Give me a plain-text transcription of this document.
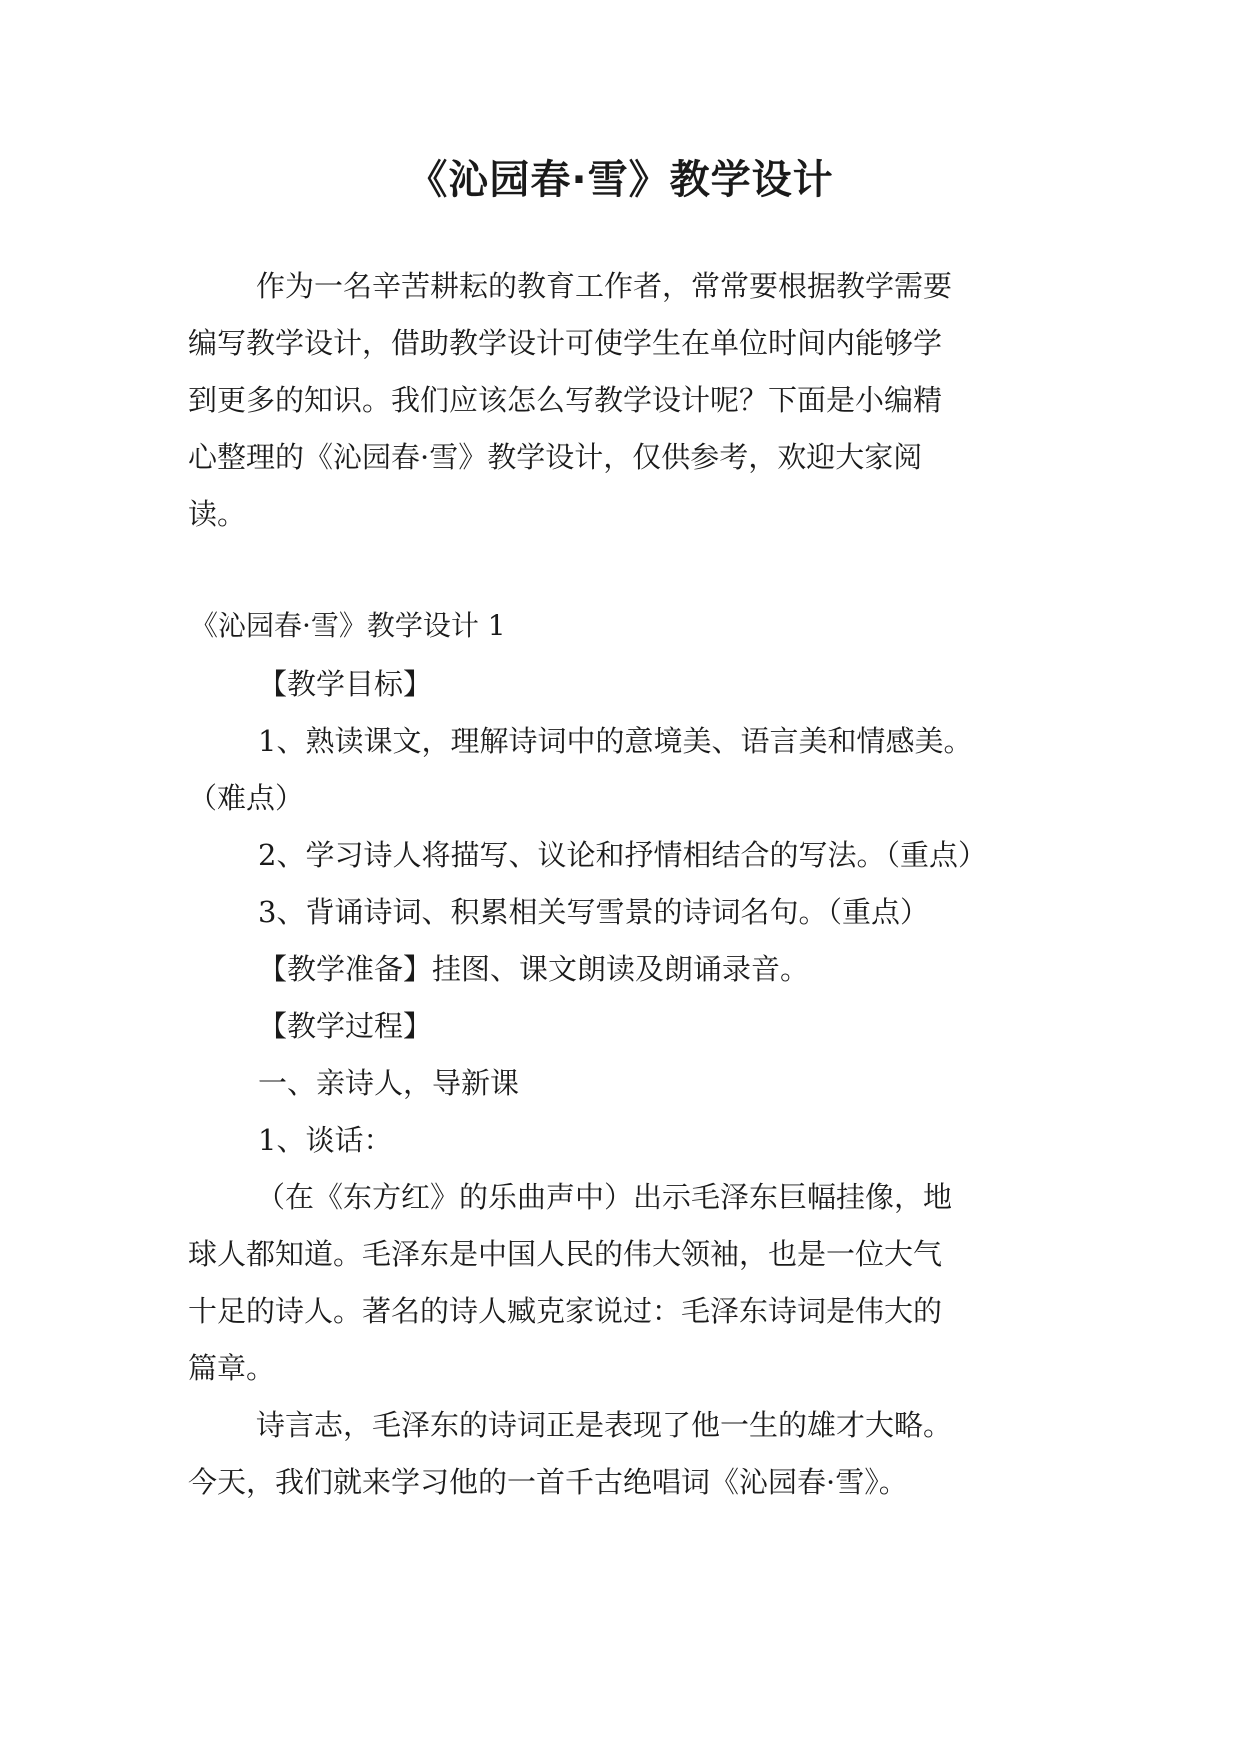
《沁园春·雪》教学设计
作为一名辛苦耕耘的教育工作者，常常要根据教学需要
编写教学设计，借助教学设计可使学生在单位时间内能够学
到更多的知识。我们应该怎么写教学设计呢？下面是小编精
心整理的《沁园春·雪》教学设计，仅供参考，欢迎大家阅
读。
《沁园春·雪》教学设计 1
【教学目标】
1、熟读课文，理解诗词中的意境美、语言美和情感美。
（难点）
2、学习诗人将描写、议论和抒情相结合的写法。（重点）
3、背诵诗词、积累相关写雪景的诗词名句。（重点）
【教学准备】挂图、课文朗读及朗诵录音。
【教学过程】
一、亲诗人，导新课
1、谈话：
（在《东方红》的乐曲声中）出示毛泽东巨幅挂像，地
球人都知道。毛泽东是中国人民的伟大领袖，也是一位大气
十足的诗人。著名的诗人臧克家说过：毛泽东诗词是伟大的
篇章。
诗言志，毛泽东的诗词正是表现了他一生的雄才大略。
今天，我们就来学习他的一首千古绝唱词《沁园春·雪》。
